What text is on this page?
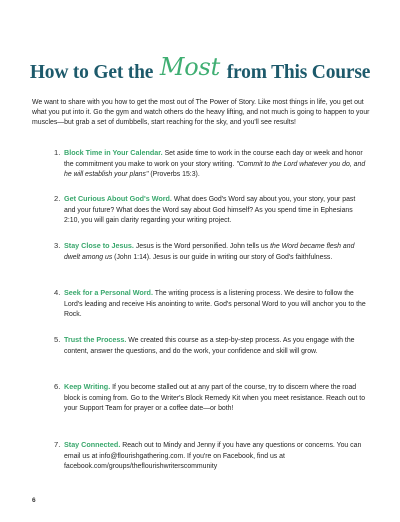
How to Get the Most from This Course

We want to share with you how to get the most out of The Power of Story. Like most things in life, you get out what you put into it. Go the gym and watch others do the heavy lifting, and not much is going to happen to your muscles—but grab a set of dumbbells, start reaching for the sky, and you'll see results!

1. Block Time in Your Calendar. Set aside time to work in the course each day or week and honor the commitment you make to work on your story writing. "Commit to the Lord whatever you do, and he will establish your plans" (Proverbs 15:3).
2. Get Curious About God's Word. What does God's Word say about you, your story, your past and your future? What does the Word say about God himself? As you spend time in Ephesians 2:10, you will gain clarity regarding your writing project.
3. Stay Close to Jesus. Jesus is the Word personified. John tells us the Word became flesh and dwelt among us (John 1:14). Jesus is our guide in writing our story of God's faithfulness.
4. Seek for a Personal Word. The writing process is a listening process. We desire to follow the Lord's leading and receive His anointing to write. God's personal Word to you will anchor you to the Rock.
5. Trust the Process. We created this course as a step-by-step process. As you engage with the content, answer the questions, and do the work, your confidence and skill will grow.
6. Keep Writing. If you become stalled out at any part of the course, try to discern where the road block is coming from. Go to the Writer's Block Remedy Kit when you meet resistance. Reach out to your Support Team for prayer or a coffee date—or both!
7. Stay Connected. Reach out to Mindy and Jenny if you have any questions or concerns. You can email us at info@flourishgathering.com. If you're on Facebook, find us at facebook.com/groups/theflourishwriterscommunity
6
